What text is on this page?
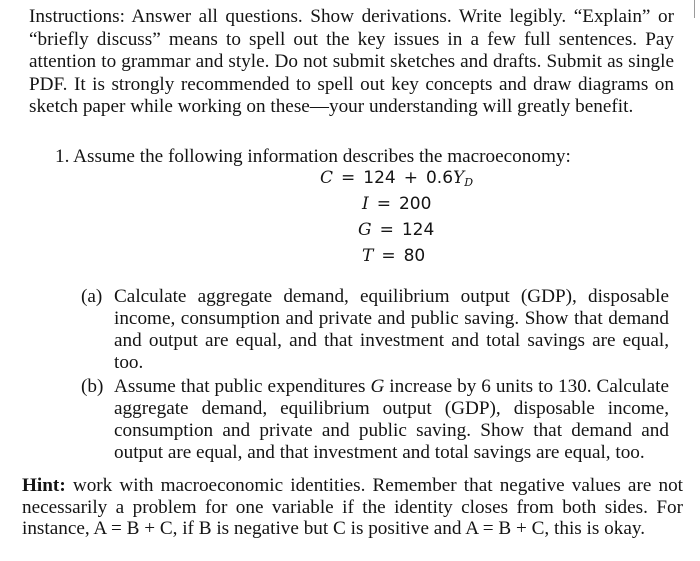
Instructions: Answer all questions. Show derivations. Write legibly. “Explain” or “briefly discuss” means to spell out the key issues in a few full sentences. Pay attention to grammar and style. Do not submit sketches and drafts. Submit as single PDF. It is strongly recommended to spell out key concepts and draw diagrams on sketch paper while working on these—your understanding will greatly benefit.

1. Assume the following information describes the macroeconomy:
$C = 124 + 0.6Y_D$
I = 200
G = 124
T = 80
(a) Calculate aggregate demand, equilibrium output (GDP), disposable income, consumption and private and public saving. Show that demand and output are equal, and that investment and total savings are equal, too.
(b) Assume that public expenditures G increase by 6 units to 130. Calculate aggregate demand, equilibrium output (GDP), disposable income, consumption and private and public saving. Show that demand and output are equal, and that investment and total savings are equal, too.

Hint: work with macroeconomic identities. Remember that negative values are not necessarily a problem for one variable if the identity closes from both sides. For instance, A = B + C, if B is negative but C is positive and A = B + C, this is okay.
